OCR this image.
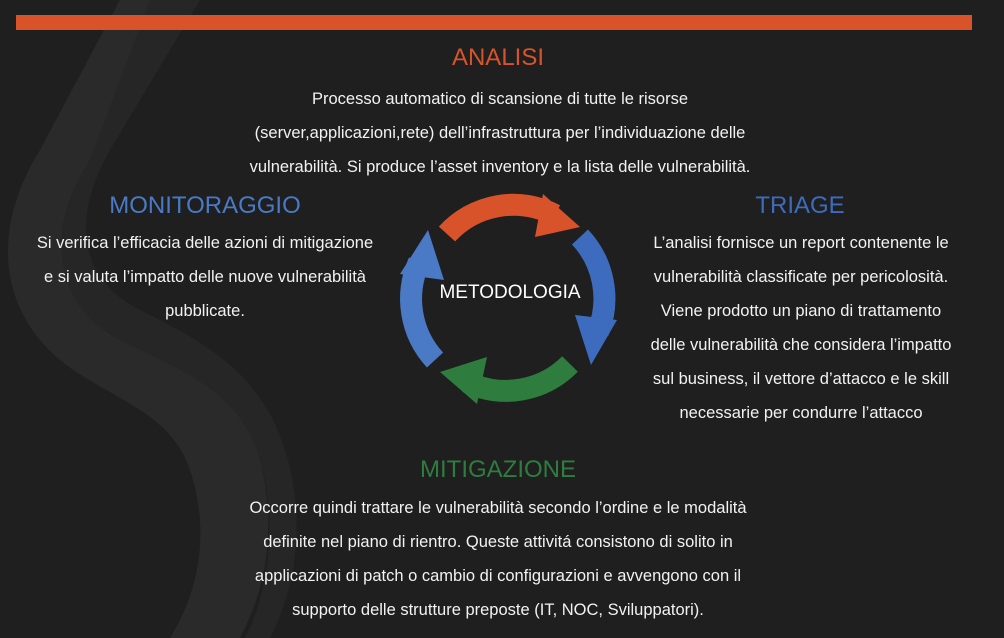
ANALISI
Processo automatico di scansione di tutte le risorse
(server,applicazioni,rete) dell’infrastruttura per l’individuazione delle
vulnerabilità. Si produce l’asset inventory e la lista delle vulnerabilità.
MONITORAGGIO
Si verifica l’efficacia delle azioni di mitigazione
e si valuta l’impatto delle nuove vulnerabilità
pubblicate.
TRIAGE
L’analisi fornisce un report contenente le
vulnerabilità classificate per pericolosità.
Viene prodotto un piano di trattamento
delle vulnerabilità che considera l’impatto
sul business, il vettore d’attacco e le skill
necessarie per condurre l’attacco
METODOLOGIA
MITIGAZIONE
Occorre quindi trattare le vulnerabilità secondo l’ordine e le modalità
definite nel piano di rientro. Queste attivitá consistono di solito in
applicazioni di patch o cambio di configurazioni e avvengono con il
supporto delle strutture preposte (IT, NOC, Sviluppatori).
